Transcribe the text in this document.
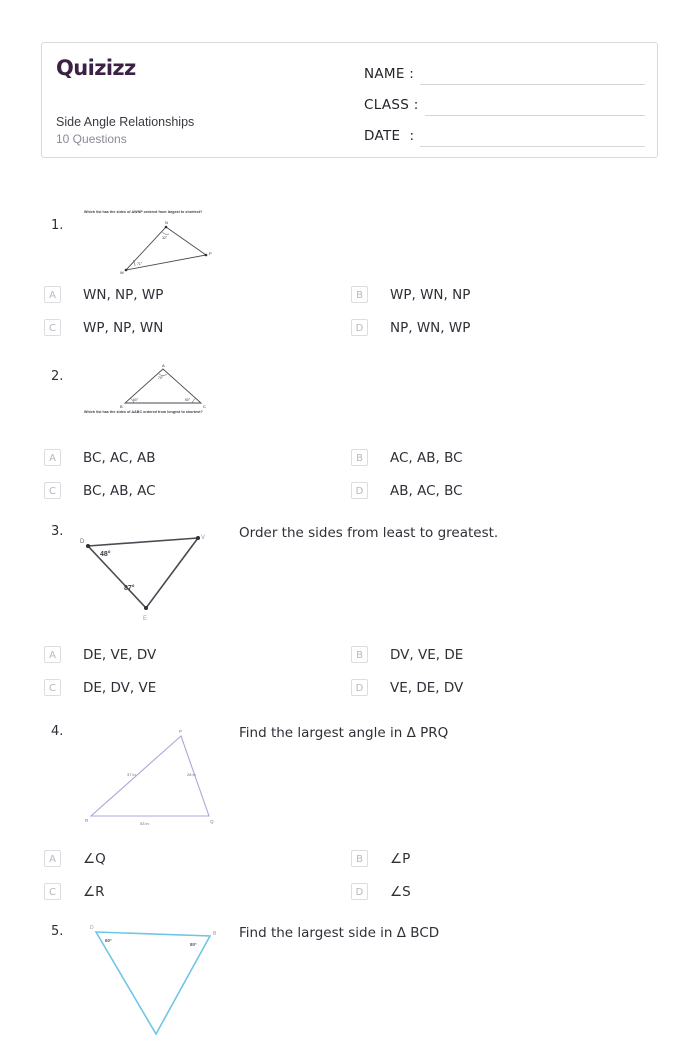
Quizizz
Side Angle Relationships
10 Questions
NAME :
CLASS :
DATE  :
1.
Which list has the sides of ΔWNP ordered from largest to shortest?
N
P
W
32°
71°
A	WN, NP, WP	B	WP, WN, NP
C	WP, NP, WN	D	NP, WN, WP
2.
A
B	C
70°
60°	50°
Which list has the sides of ΔABC ordered from longest to shortest?
A	BC, AC, AB	B	AC, AB, BC
C	BC, AB, AC	D	AB, AC, BC
3.	Order the sides from least to greatest.
D
V
E
48°
87°
A	DE, VE, DV	B	DV, VE, DE
C	DE, DV, VE	D	VE, DE, DV
4.	Find the largest angle in Δ PRQ
P
R	Q
37 in	28 in
53 in
A	∠Q	B	∠P
C	∠R	D	∠S
5.	Find the largest side in Δ BCD
D
B
60°
80°
